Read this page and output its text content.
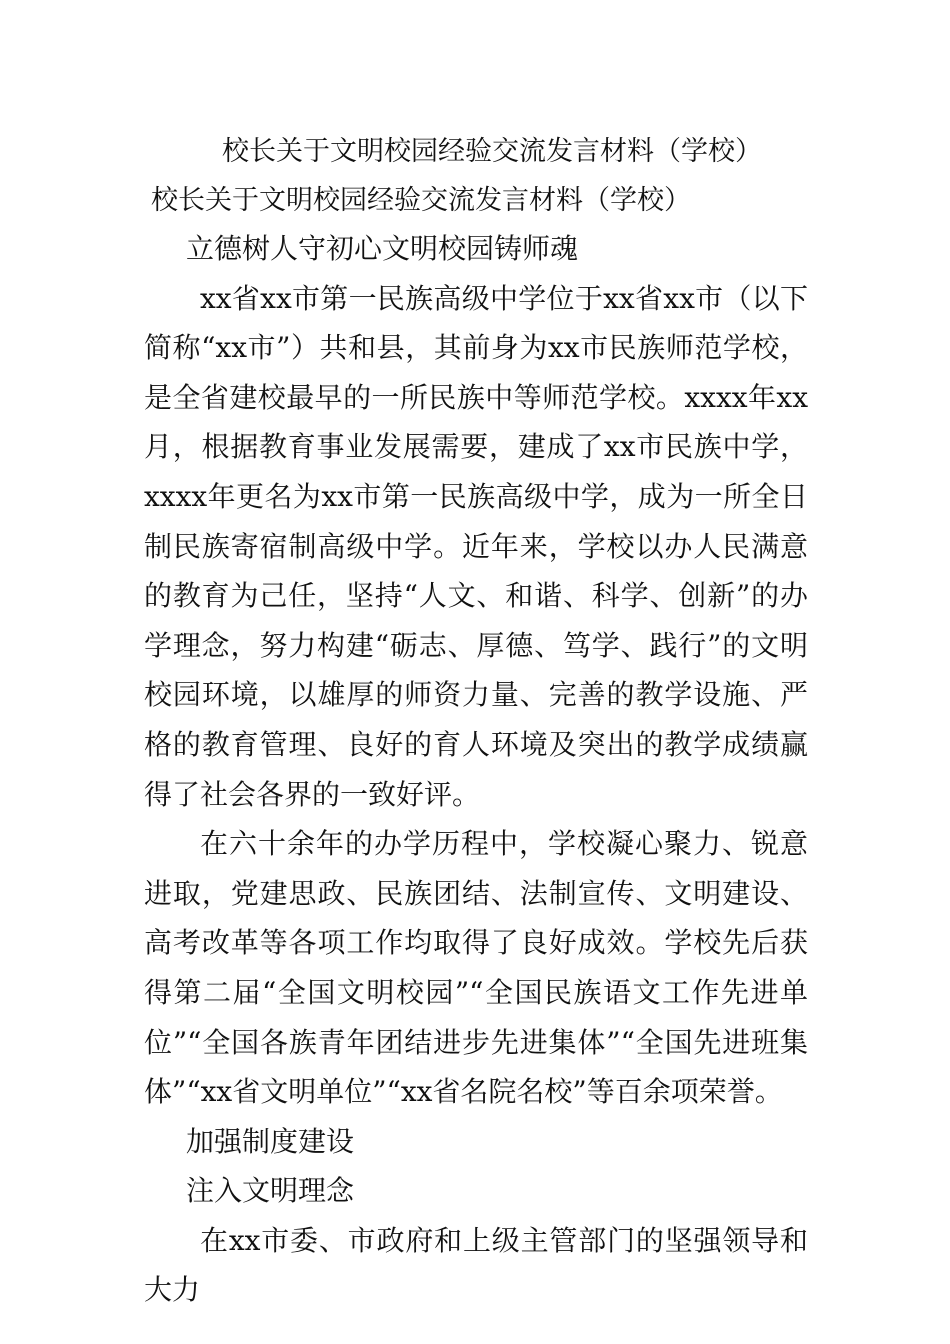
校长关于文明校园经验交流发言材料（学校）
校长关于文明校园经验交流发言材料（学校）

立德树人守初心文明校园铸师魂

xx省xx市第一民族高级中学位于xx省xx市（以下简称“xx市”）共和县，其前身为xx市民族师范学校，是全省建校最早的一所民族中等师范学校。xxxx年xx月，根据教育事业发展需要，建成了xx市民族中学，xxxx年更名为xx市第一民族高级中学，成为一所全日制民族寄宿制高级中学。近年来，学校以办人民满意的教育为己任，坚持“人文、和谐、科学、创新”的办学理念，努力构建“砺志、厚德、笃学、践行”的文明校园环境，以雄厚的师资力量、完善的教学设施、严格的教育管理、良好的育人环境及突出的教学成绩赢得了社会各界的一致好评。

在六十余年的办学历程中，学校凝心聚力、锐意进取，党建思政、民族团结、法制宣传、文明建设、高考改革等各项工作均取得了良好成效。学校先后获得第二届“全国文明校园”“全国民族语文工作先进单位”“全国各族青年团结进步先进集体”“全国先进班集体”“xx省文明单位”“xx省名院名校”等百余项荣誉。

加强制度建设

注入文明理念

在xx市委、市政府和上级主管部门的坚强领导和大力
